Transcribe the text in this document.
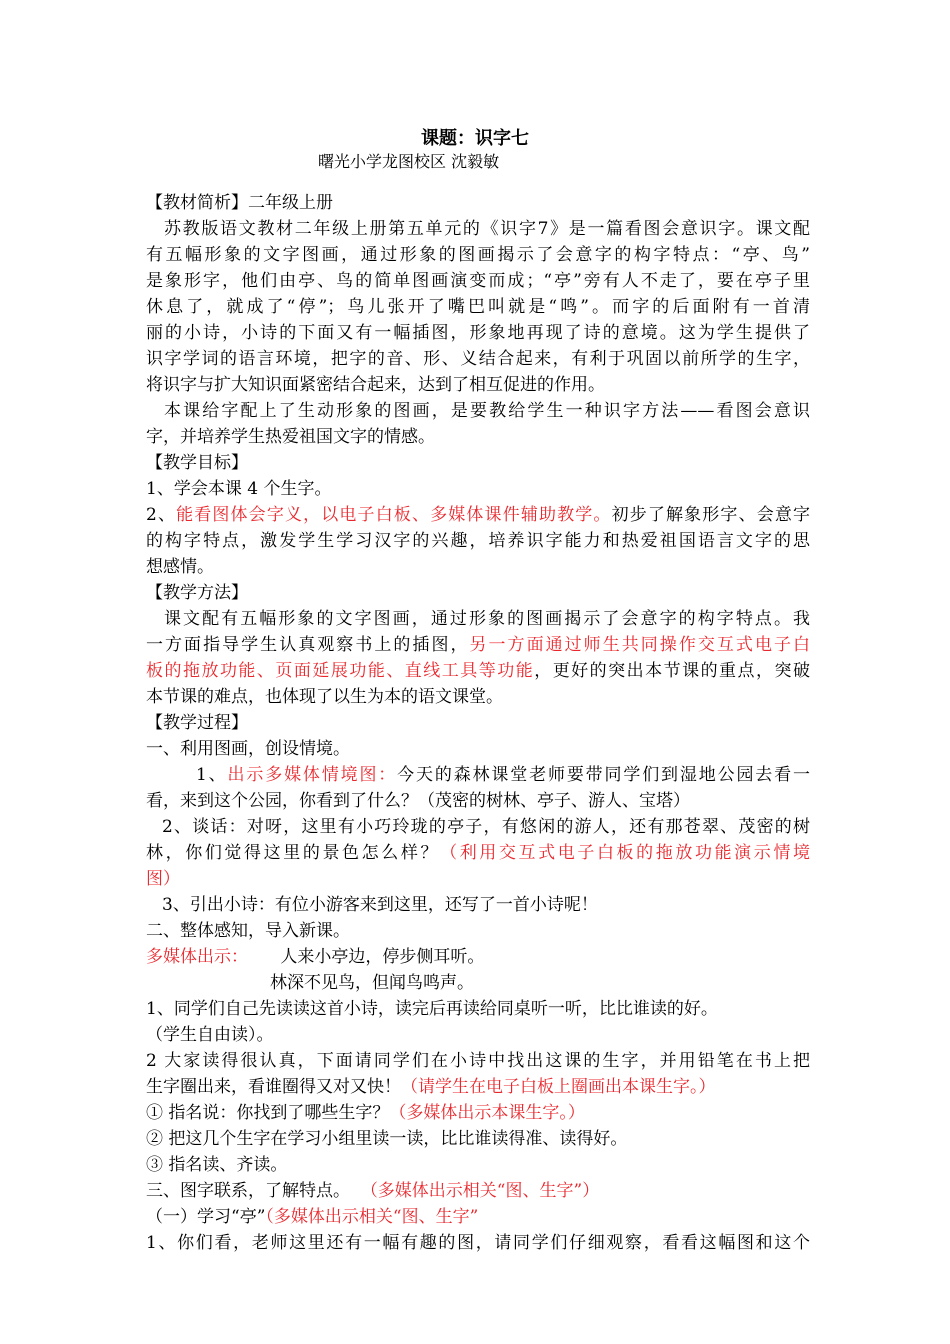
课题：识字七
曙光小学龙图校区 沈毅敏
【教材简析】二年级上册
苏教版语文教材二年级上册第五单元的《识字7》是一篇看图会意识字。课文配
有五幅形象的文字图画，通过形象的图画揭示了会意字的构字特点：“亭、鸟”
是象形字，他们由亭、鸟的简单图画演变而成；“亭”旁有人不走了，要在亭子里
休息了，就成了“停”；鸟儿张开了嘴巴叫就是“鸣”。而字的后面附有一首清
丽的小诗，小诗的下面又有一幅插图，形象地再现了诗的意境。这为学生提供了
识字学词的语言环境，把字的音、形、义结合起来，有利于巩固以前所学的生字，
将识字与扩大知识面紧密结合起来，达到了相互促进的作用。
本课给字配上了生动形象的图画，是要教给学生一种识字方法——看图会意识
字，并培养学生热爱祖国文字的情感。
【教学目标】
1、学会本课 4 个生字。
2、能看图体会字义，以电子白板、多媒体课件辅助教学。初步了解象形字、会意字
的构字特点，激发学生学习汉字的兴趣，培养识字能力和热爱祖国语言文字的思
想感情。
【教学方法】
课文配有五幅形象的文字图画，通过形象的图画揭示了会意字的构字特点。我
一方面指导学生认真观察书上的插图，另一方面通过师生共同操作交互式电子白
板的拖放功能、页面延展功能、直线工具等功能，更好的突出本节课的重点，突破
本节课的难点，也体现了以生为本的语文课堂。
【教学过程】
一、利用图画，创设情境。
1、出示多媒体情境图：今天的森林课堂老师要带同学们到湿地公园去看一
看，来到这个公园，你看到了什么？（茂密的树林、亭子、游人、宝塔）
2、谈话：对呀，这里有小巧玲珑的亭子，有悠闲的游人，还有那苍翠、茂密的树
林，你们觉得这里的景色怎么样？（利用交互式电子白板的拖放功能演示情境
图）
3、引出小诗：有位小游客来到这里，还写了一首小诗呢！
二、整体感知，导入新课。
多媒体出示：      人来小亭边，停步侧耳听。
林深不见鸟，但闻鸟鸣声。
1、同学们自己先读读这首小诗，读完后再读给同桌听一听，比比谁读的好。
（学生自由读）。
2 大家读得很认真，下面请同学们在小诗中找出这课的生字，并用铅笔在书上把
生字圈出来，看谁圈得又对又快！（请学生在电子白板上圈画出本课生字。）
① 指名说：你找到了哪些生字？（多媒体出示本课生字。）
② 把这几个生字在学习小组里读一读，比比谁读得准、读得好。
③ 指名读、齐读。
三、图字联系，了解特点。  （多媒体出示相关“图、生字”）
（一）学习“亭”（多媒体出示相关“图、生字”
1、你们看，老师这里还有一幅有趣的图，请同学们仔细观察，看看这幅图和这个
